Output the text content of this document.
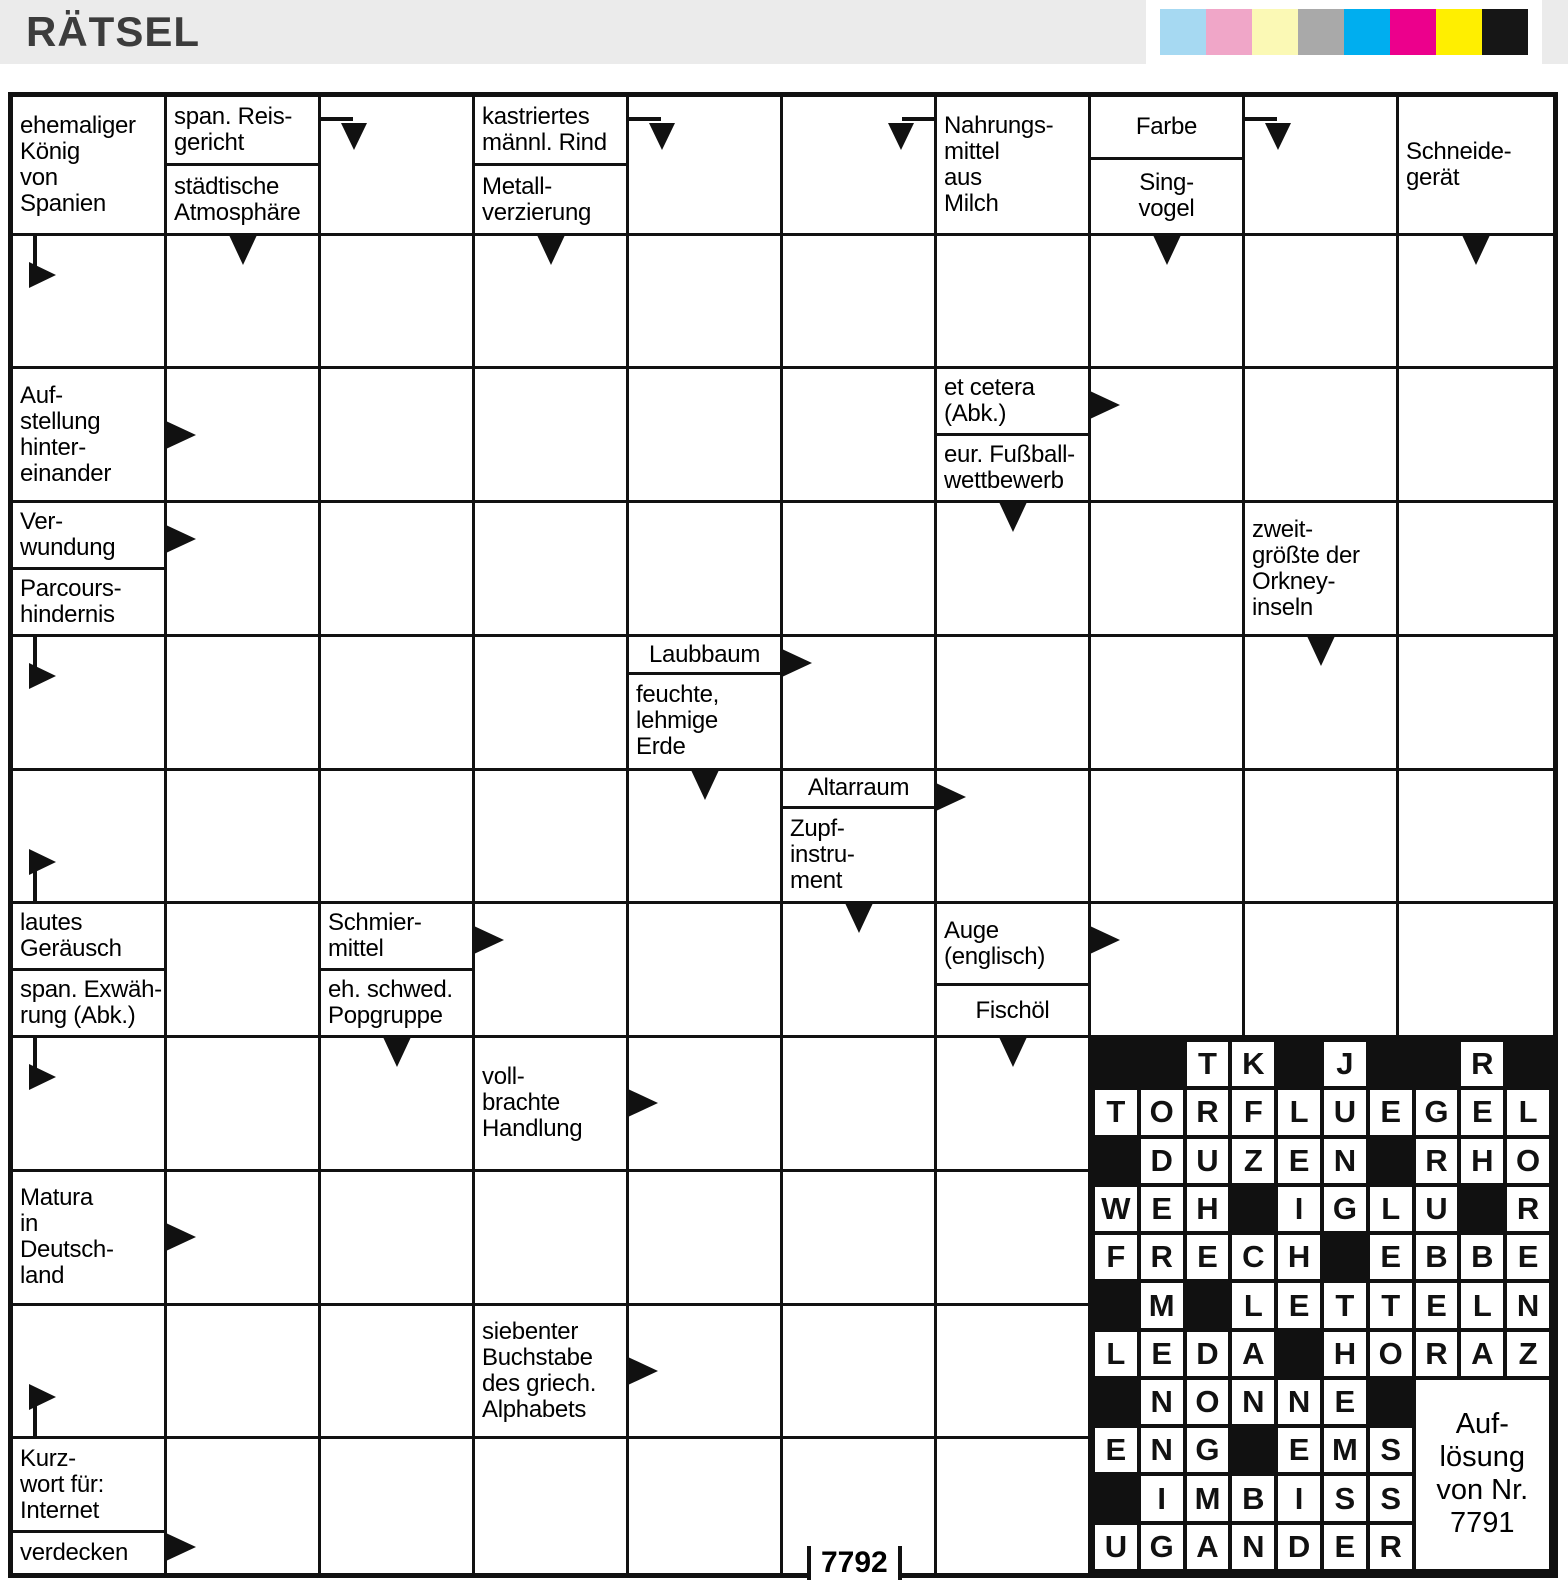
RÄTSEL
ehemaliger
König
von
Spanien
span. Reis-
gericht
städtische
Atmosphäre
kastriertes
männl. Rind
Metall-
verzierung
Nahrungs-
mittel
aus
Milch
Farbe
Sing-
vogel
Schneide-
gerät
Auf-
stellung
hinter-
einander
et cetera
(Abk.)
eur. Fußball-
wettbewerb
Ver-
wundung
Parcours-
hindernis
zweit-
größte der
Orkney-
inseln
Laubbaum
feuchte,
lehmige
Erde
Altarraum
Zupf-
instru-
ment
lautes
Geräusch
span. Exwäh-
rung (Abk.)
Schmier-
mittel
eh. schwed.
Popgruppe
Auge
(englisch)
Fischöl
voll-
brachte
Handlung
T K	J	R
T O R F L U E G E L
D U Z E N	R H O
W E H	I G L U	R
F R E C H	E B B E
M	L E T T E L N
L E D A	H O R A Z
N O N N E
E N G	E M S
I M B I	S S
U G A N D E R
Auf-
lösung
von Nr.
7791
Matura
in
Deutsch-
land
siebenter
Buchstabe
des griech.
Alphabets
Kurz-
wort für:
Internet
verdecken	7792
